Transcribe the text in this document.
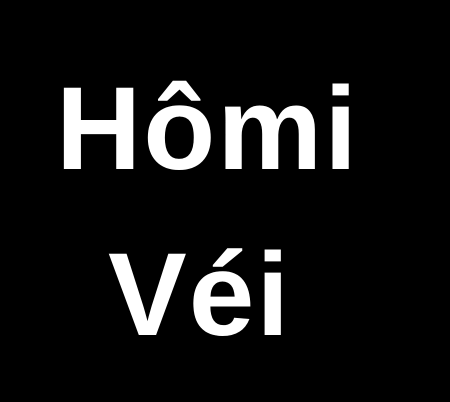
Hômi
Véi
